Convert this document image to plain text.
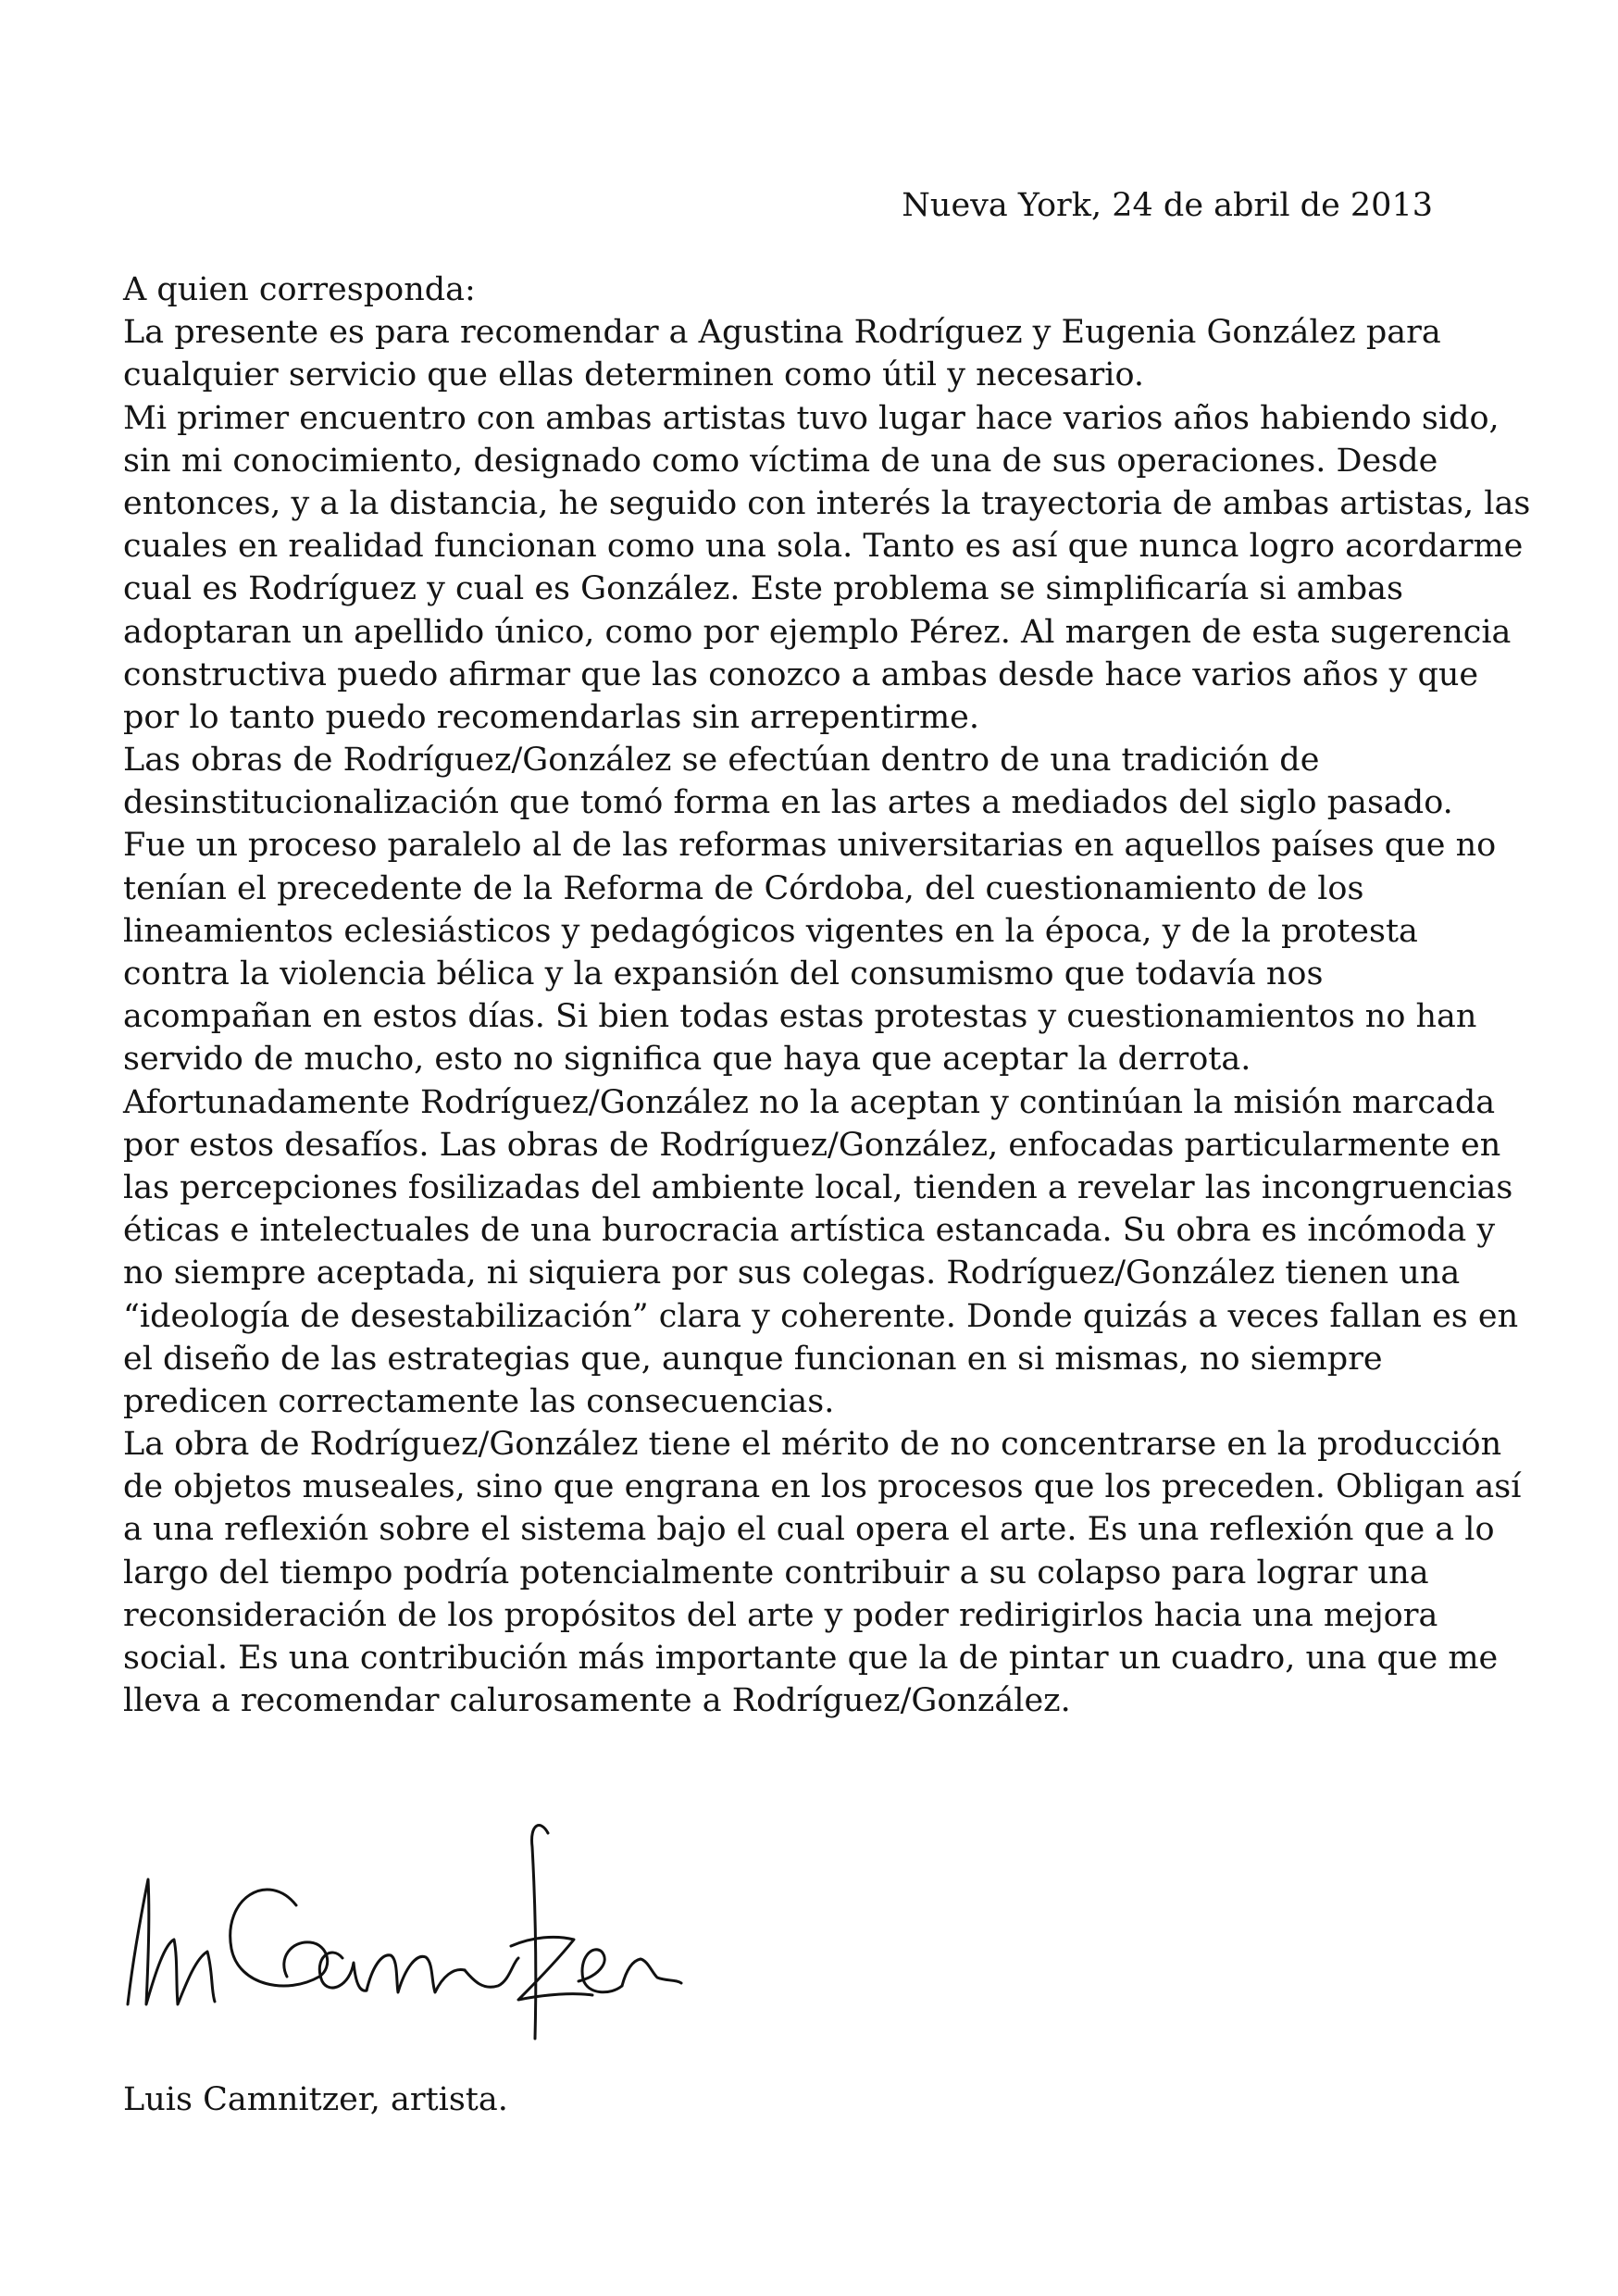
Nueva York, 24 de abril de 2013
A quien corresponda:
La presente es para recomendar a Agustina Rodríguez y Eugenia González para
cualquier servicio que ellas determinen como útil y necesario.
Mi primer encuentro con ambas artistas tuvo lugar hace varios años habiendo sido,
sin mi conocimiento, designado como víctima de una de sus operaciones. Desde
entonces, y a la distancia, he seguido con interés la trayectoria de ambas artistas, las
cuales en realidad funcionan como una sola. Tanto es así que nunca logro acordarme
cual es Rodríguez y cual es González. Este problema se simplificaría si ambas
adoptaran un apellido único, como por ejemplo Pérez. Al margen de esta sugerencia
constructiva puedo afirmar que las conozco a ambas desde hace varios años y que
por lo tanto puedo recomendarlas sin arrepentirme.
Las obras de Rodríguez/González se efectúan dentro de una tradición de
desinstitucionalización que tomó forma en las artes a mediados del siglo pasado.
Fue un proceso paralelo al de las reformas universitarias en aquellos países que no
tenían el precedente de la Reforma de Córdoba, del cuestionamiento de los
lineamientos eclesiásticos y pedagógicos vigentes en la época, y de la protesta
contra la violencia bélica y la expansión del consumismo que todavía nos
acompañan en estos días. Si bien todas estas protestas y cuestionamientos no han
servido de mucho, esto no significa que haya que aceptar la derrota.
Afortunadamente Rodríguez/González no la aceptan y continúan la misión marcada
por estos desafíos. Las obras de Rodríguez/González, enfocadas particularmente en
las percepciones fosilizadas del ambiente local, tienden a revelar las incongruencias
éticas e intelectuales de una burocracia artística estancada. Su obra es incómoda y
no siempre aceptada, ni siquiera por sus colegas. Rodríguez/González tienen una
“ideología de desestabilización” clara y coherente. Donde quizás a veces fallan es en
el diseño de las estrategias que, aunque funcionan en si mismas, no siempre
predicen correctamente las consecuencias.
La obra de Rodríguez/González tiene el mérito de no concentrarse en la producción
de objetos museales, sino que engrana en los procesos que los preceden. Obligan así
a una reflexión sobre el sistema bajo el cual opera el arte. Es una reflexión que a lo
largo del tiempo podría potencialmente contribuir a su colapso para lograr una
reconsideración de los propósitos del arte y poder redirigirlos hacia una mejora
social. Es una contribución más importante que la de pintar un cuadro, una que me
lleva a recomendar calurosamente a Rodríguez/González.
Luis Camnitzer, artista.
